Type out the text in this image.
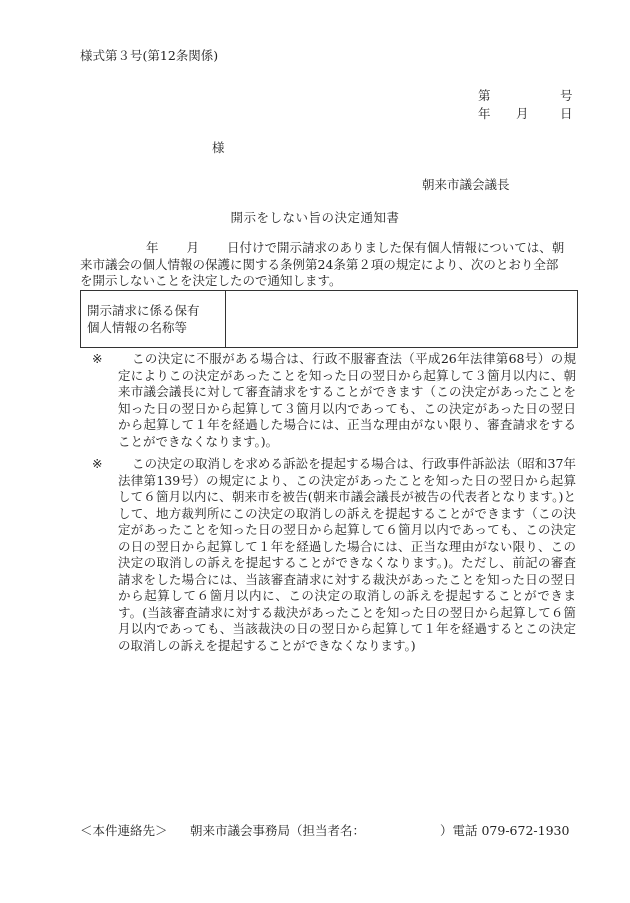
様式第３号(第12条関係)
第	号
年 月	日
様
朝来市議会議長
開示をしない旨の決定通知書
年 月 日付けで開示請求のありました保有個人情報については、朝来市議会の個人情報の保護に関する条例第24条第２項の規定により、次のとおり全部を開示しないことを決定したので通知します。
開示請求に係る保有
個人情報の名称等

※	この決定に不服がある場合は、行政不服審査法（平成26年法律第68号）の規定によりこの決定があったことを知った日の翌日から起算して３箇月以内に、朝来市議会議長に対して審査請求をすることができます（この決定があったことを知った日の翌日から起算して３箇月以内であっても、この決定があった日の翌日から起算して１年を経過した場合には、正当な理由がない限り、審査請求をすることができなくなります。)。
※	この決定の取消しを求める訴訟を提起する場合は、行政事件訴訟法（昭和37年法律第139号）の規定により、この決定があったことを知った日の翌日から起算して６箇月以内に、朝来市を被告(朝来市議会議長が被告の代表者となります。)として、地方裁判所にこの決定の取消しの訴えを提起することができます（この決定があったことを知った日の翌日から起算して６箇月以内であっても、この決定の日の翌日から起算して１年を経過した場合には、正当な理由がない限り、この決定の取消しの訴えを提起することができなくなります。)。ただし、前記の審査請求をした場合には、当該審査請求に対する裁決があったことを知った日の翌日から起算して６箇月以内に、この決定の取消しの訴えを提起することができます。(当該審査請求に対する裁決があったことを知った日の翌日から起算して６箇月以内であっても、当該裁決の日の翌日から起算して１年を経過するとこの決定の取消しの訴えを提起することができなくなります。)
＜本件連絡先＞ 朝来市議会事務局（担当者名：	）電話 079-672-1930
